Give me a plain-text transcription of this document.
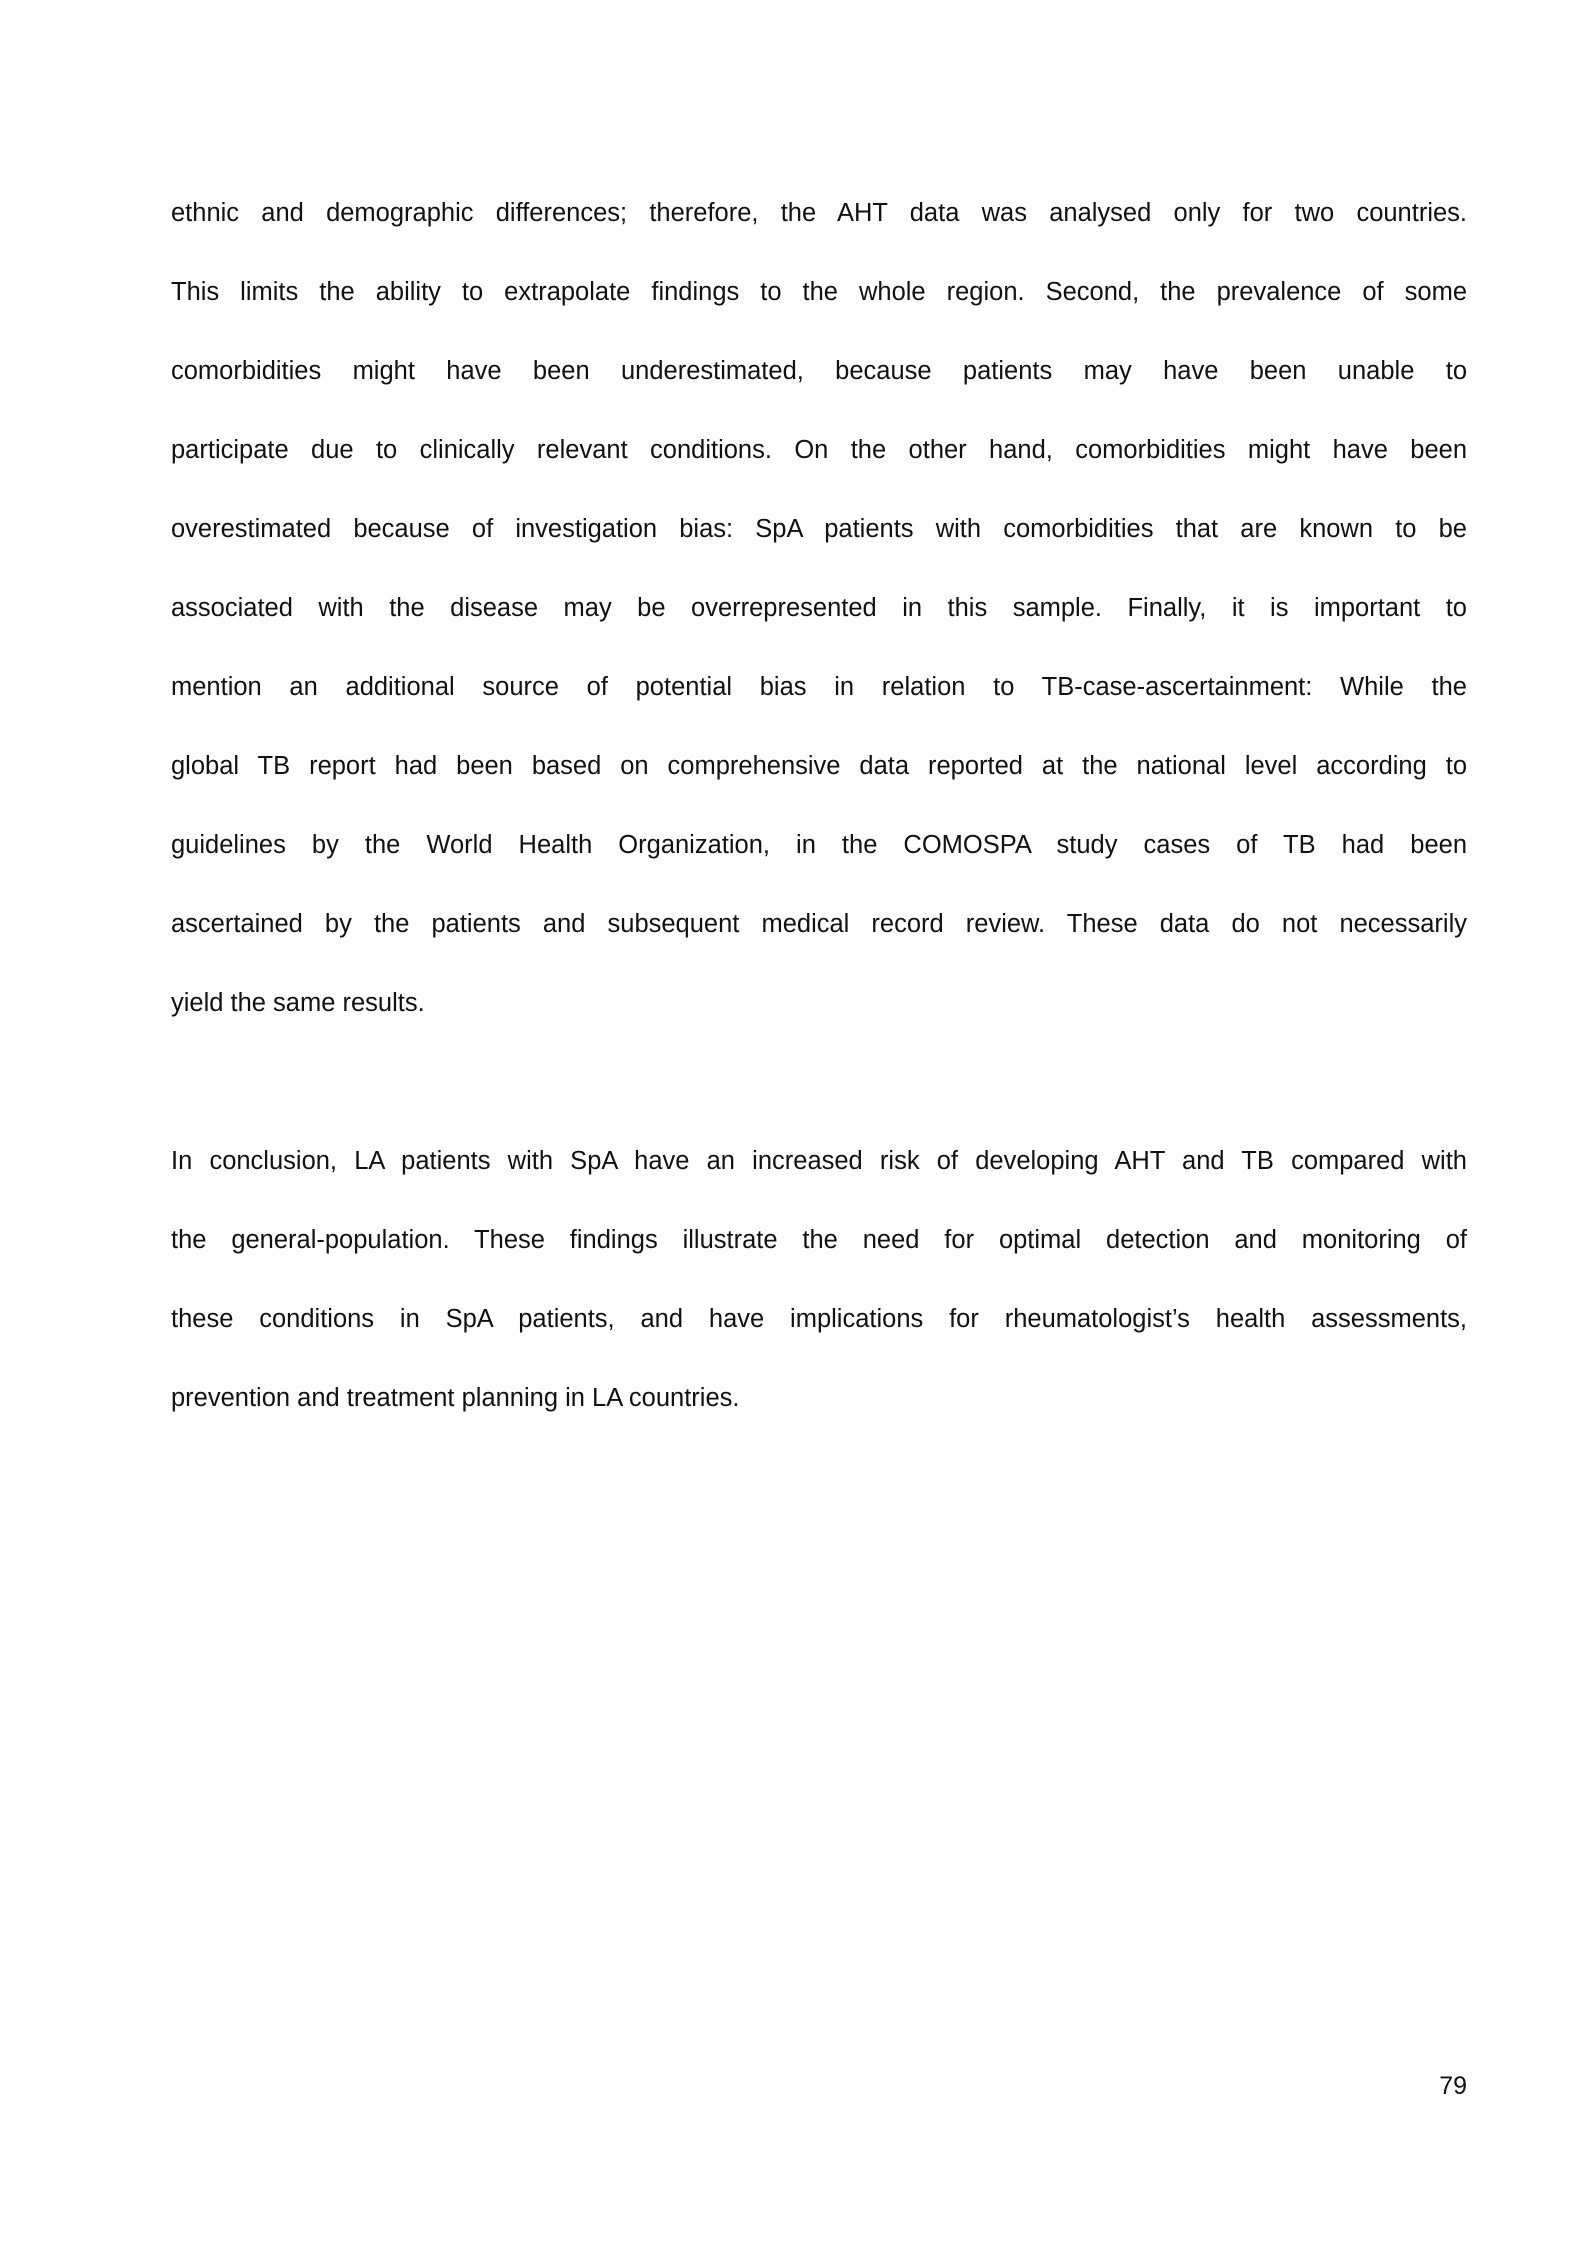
ethnic and demographic differences; therefore, the AHT data was analysed only for two countries.
This limits the ability to extrapolate findings to the whole region. Second, the prevalence of some
comorbidities might have been underestimated, because patients may have been unable to
participate due to clinically relevant conditions. On the other hand, comorbidities might have been
overestimated because of investigation bias: SpA patients with comorbidities that are known to be
associated with the disease may be overrepresented in this sample. Finally, it is important to
mention an additional source of potential bias in relation to TB-case-ascertainment: While the
global TB report had been based on comprehensive data reported at the national level according to
guidelines by the World Health Organization, in the COMOSPA study cases of TB had been
ascertained by the patients and subsequent medical record review. These data do not necessarily
yield the same results.
In conclusion, LA patients with SpA have an increased risk of developing AHT and TB compared with
the general-population. These findings illustrate the need for optimal detection and monitoring of
these conditions in SpA patients, and have implications for rheumatologist’s health assessments,
prevention and treatment planning in LA countries.
79
